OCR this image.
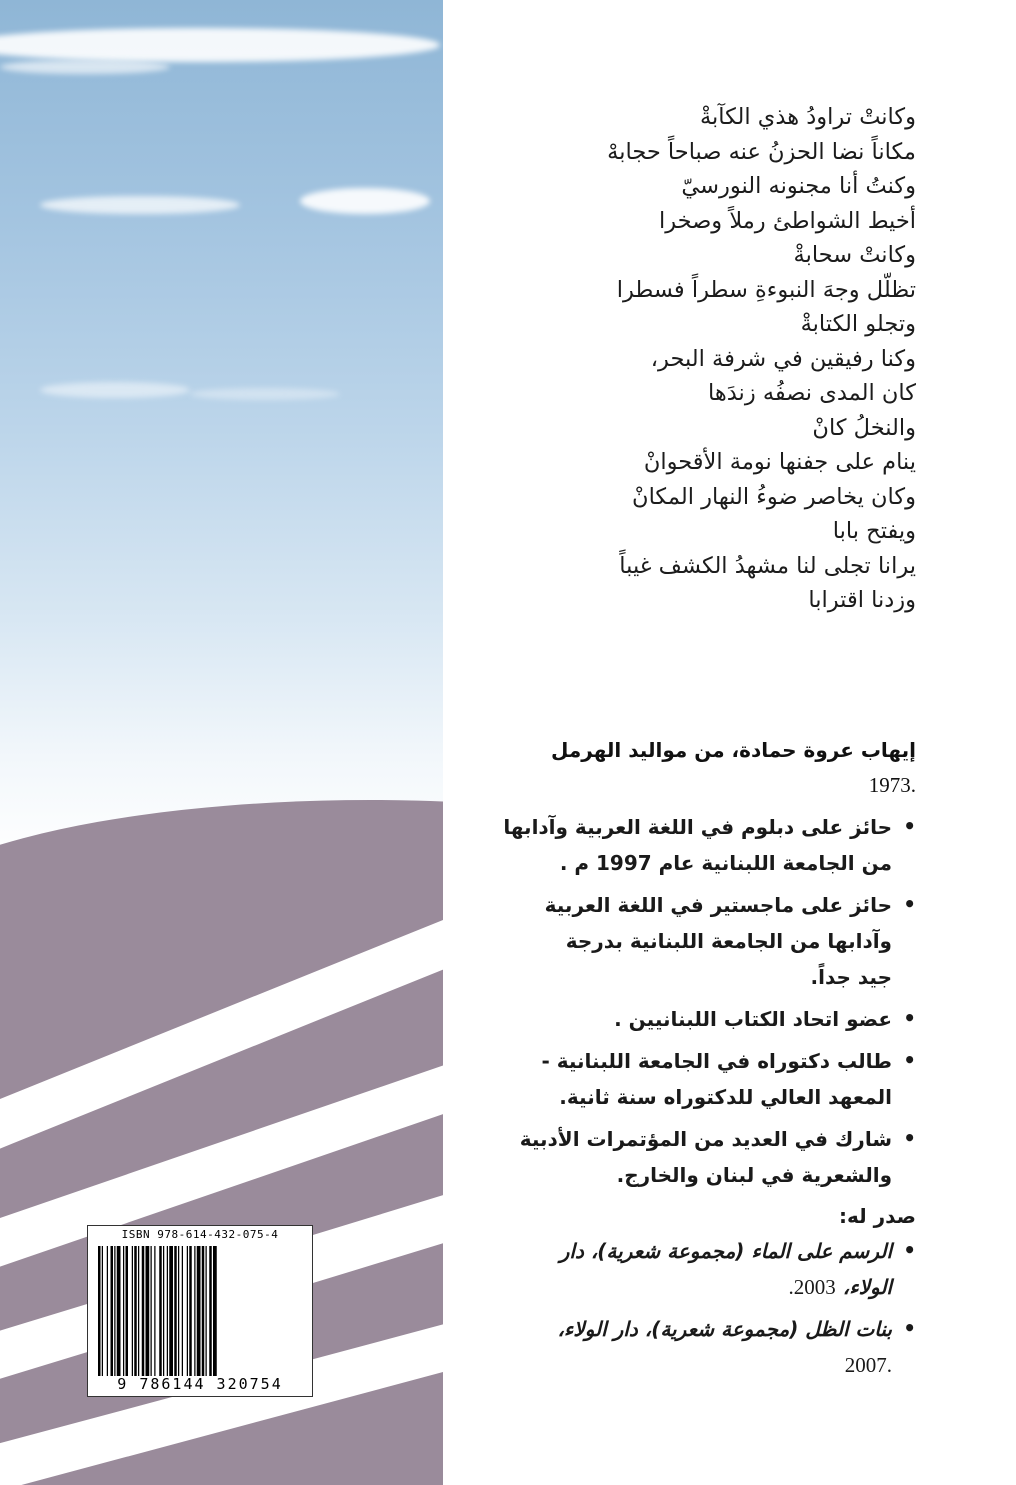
ISBN 978-614-432-075-4
9 786144 320754
وكانتْ تراودُ هذي الكآبةْ
مكاناً نضا الحزنُ عنه صباحاً حجابهْ
وكنتُ أنا مجنونه النورسيّ
أخيط الشواطئ رملاً وصخرا
وكانتْ سحابةْ
تظلّل وجهَ النبوءةِ سطراً فسطرا
وتجلو الكتابةْ
وكنا رفيقين في شرفة البحر،
كان المدى نصفُه زندَها
والنخلُ كانْ
ينام على جفنها نومة الأقحوانْ
وكان يخاصر ضوءُ النهار المكانْ
ويفتح بابا
يرانا تجلى لنا مشهدُ الكشف غيباً
وزدنا اقترابا

إيهاب عروة حمادة، من مواليد الهرمل

.1973

•
حائز على دبلوم في اللغة العربية وآدابها
من الجامعة اللبنانية عام 1997 م .
•
حائز على ماجستير في اللغة العربية
وآدابها من الجامعة اللبنانية بدرجة
جيد جداً.
•
عضو اتحاد الكتاب اللبنانيين .
•
طالب دكتوراه في الجامعة اللبنانية -
المعهد العالي للدكتوراه سنة ثانية.
•
شارك في العديد من المؤتمرات الأدبية
والشعرية في لبنان والخارج.

صدر له:

•
الرسم على الماء (مجموعة شعرية)، دار
الولاء، 2003.
•
بنات الظل (مجموعة شعرية)، دار الولاء،
.2007
